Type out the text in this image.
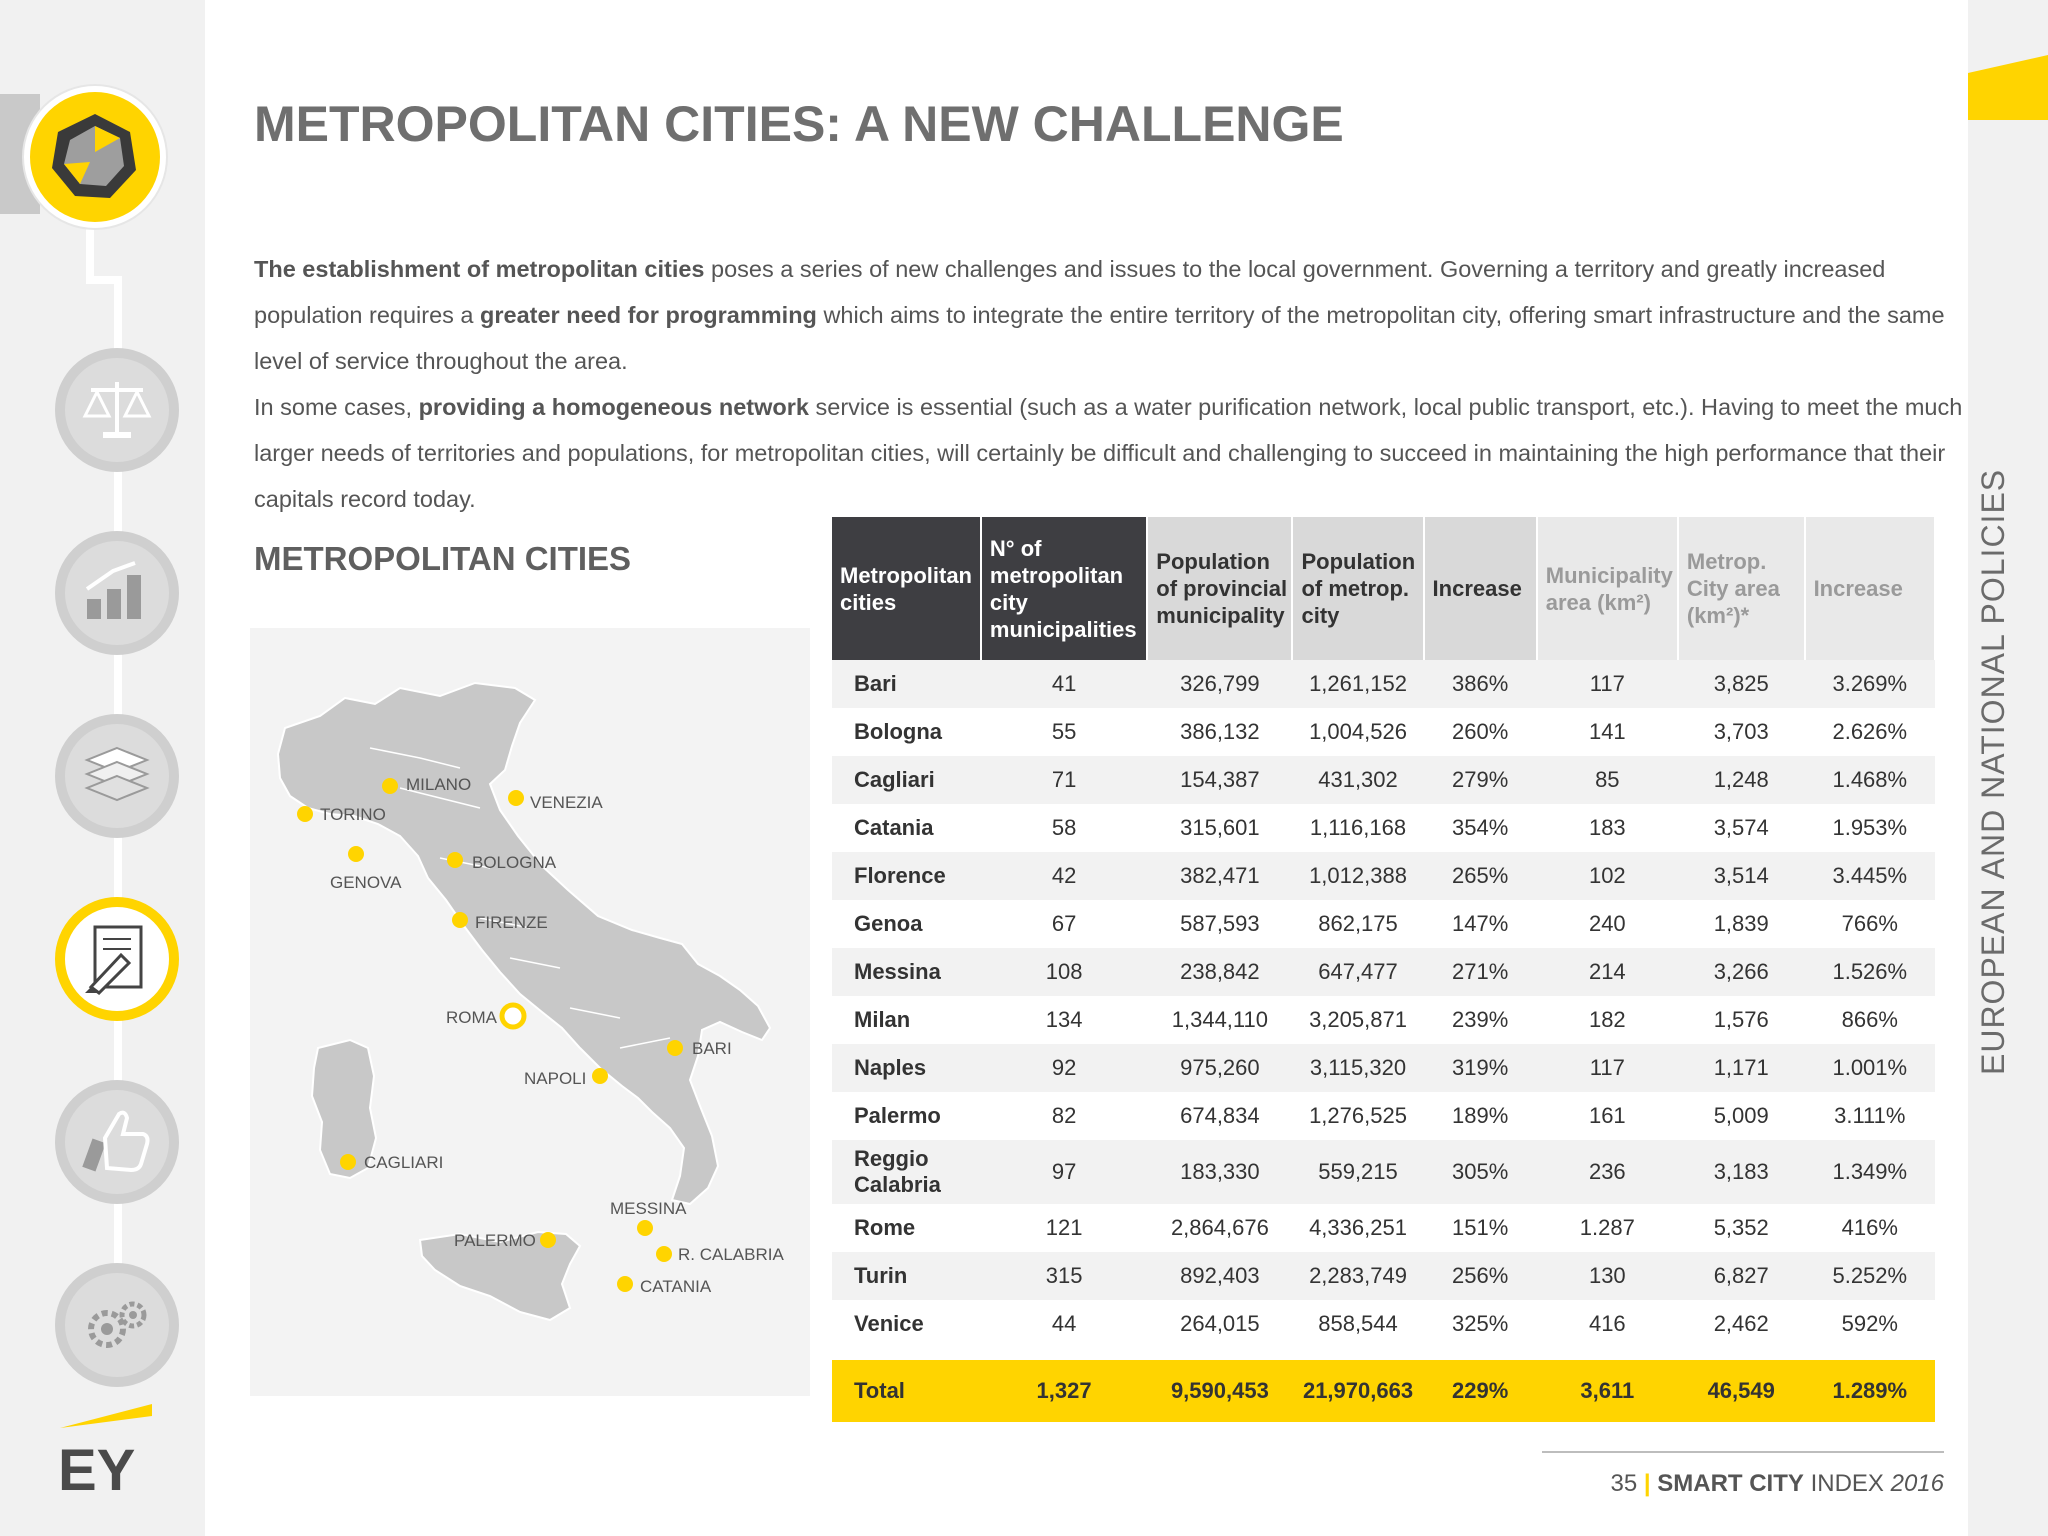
EY
EUROPEAN AND NATIONAL POLICIES
METROPOLITAN CITIES: A NEW CHALLENGE

The establishment of metropolitan cities poses a series of new challenges and issues to the local government. Governing a territory and greatly increased population requires a greater need for programming which aims to integrate the entire territory of the metropolitan city, offering smart infrastructure and the same level of service throughout the area.

In some cases, providing a homogeneous network service is essential (such as a water purification network, local public transport, etc.). Having to meet the much larger needs of territories and populations, for metropolitan cities, will certainly be difficult and challenging to succeed in maintaining the high performance that their capitals record today.

METROPOLITAN CITIES
TORINO
MILANO
VENEZIA
GENOVA
BOLOGNA
FIRENZE
ROMA
BARI
NAPOLI
CAGLIARI
MESSINA
PALERMO
R. CALABRIA
CATANIA
Metropolitan cities	N° of metropolitan city municipalities	Population of provincial municipality	Population of metrop. city	Increase	Municipality area (km²)	Metrop. City area (km²)*	Increase
Bari	41	326,799	1,261,152	386%	117	3,825	3.269%
Bologna	55	386,132	1,004,526	260%	141	3,703	2.626%
Cagliari	71	154,387	431,302	279%	85	1,248	1.468%
Catania	58	315,601	1,116,168	354%	183	3,574	1.953%
Florence	42	382,471	1,012,388	265%	102	3,514	3.445%
Genoa	67	587,593	862,175	147%	240	1,839	766%
Messina	108	238,842	647,477	271%	214	3,266	1.526%
Milan	134	1,344,110	3,205,871	239%	182	1,576	866%
Naples	92	975,260	3,115,320	319%	117	1,171	1.001%
Palermo	82	674,834	1,276,525	189%	161	5,009	3.111%
Reggio Calabria	97	183,330	559,215	305%	236	3,183	1.349%
Rome	121	2,864,676	4,336,251	151%	1.287	5,352	416%
Turin	315	892,403	2,283,749	256%	130	6,827	5.252%
Venice	44	264,015	858,544	325%	416	2,462	592%

Total	1,327	9,590,453	21,970,663	229%	3,611	46,549	1.289%
35 | SMART CITY INDEX 2016
